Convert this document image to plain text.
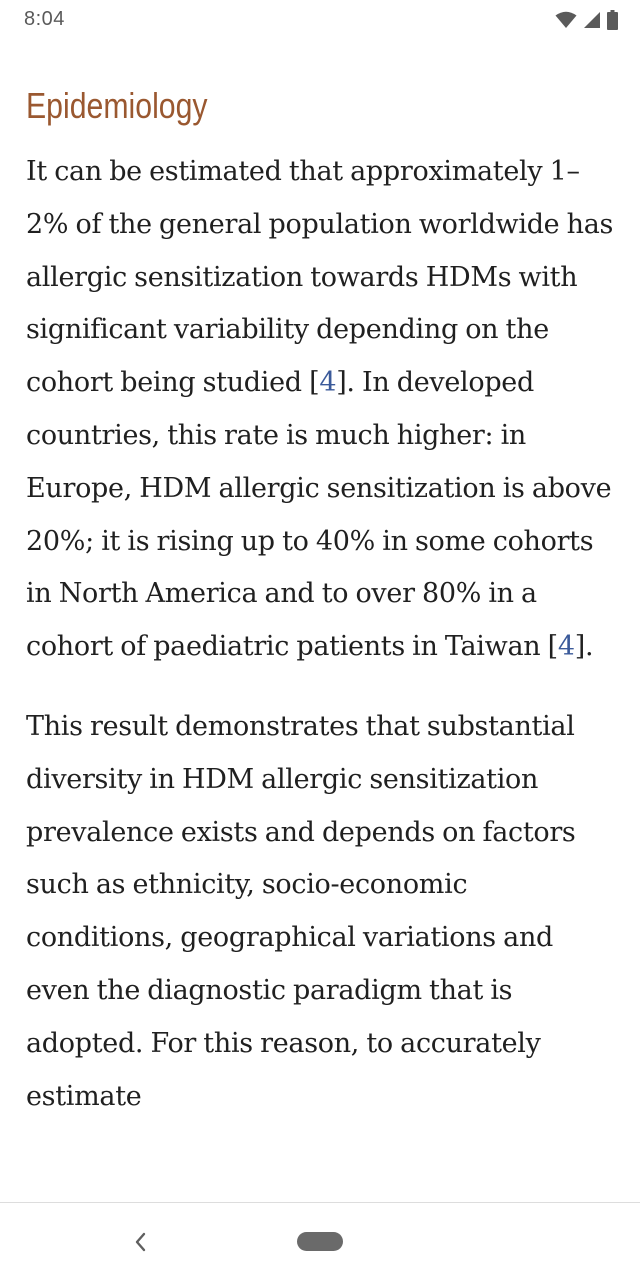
8:04
Epidemiology

It can be estimated that approximately 1–2% of the general population worldwide has allergic sensitization towards HDMs with significant variability depending on the cohort being studied [4]. In developed countries, this rate is much higher: in Europe, HDM allergic sensitization is above 20%; it is rising up to 40% in some cohorts in North America and to over 80% in a cohort of paediatric patients in Taiwan [4].

This result demonstrates that substantial diversity in HDM allergic sensitization prevalence exists and depends on factors such as ethnicity, socio-economic conditions, geographical variations and even the diagnostic paradigm that is adopted. For this reason, to accurately estimate
